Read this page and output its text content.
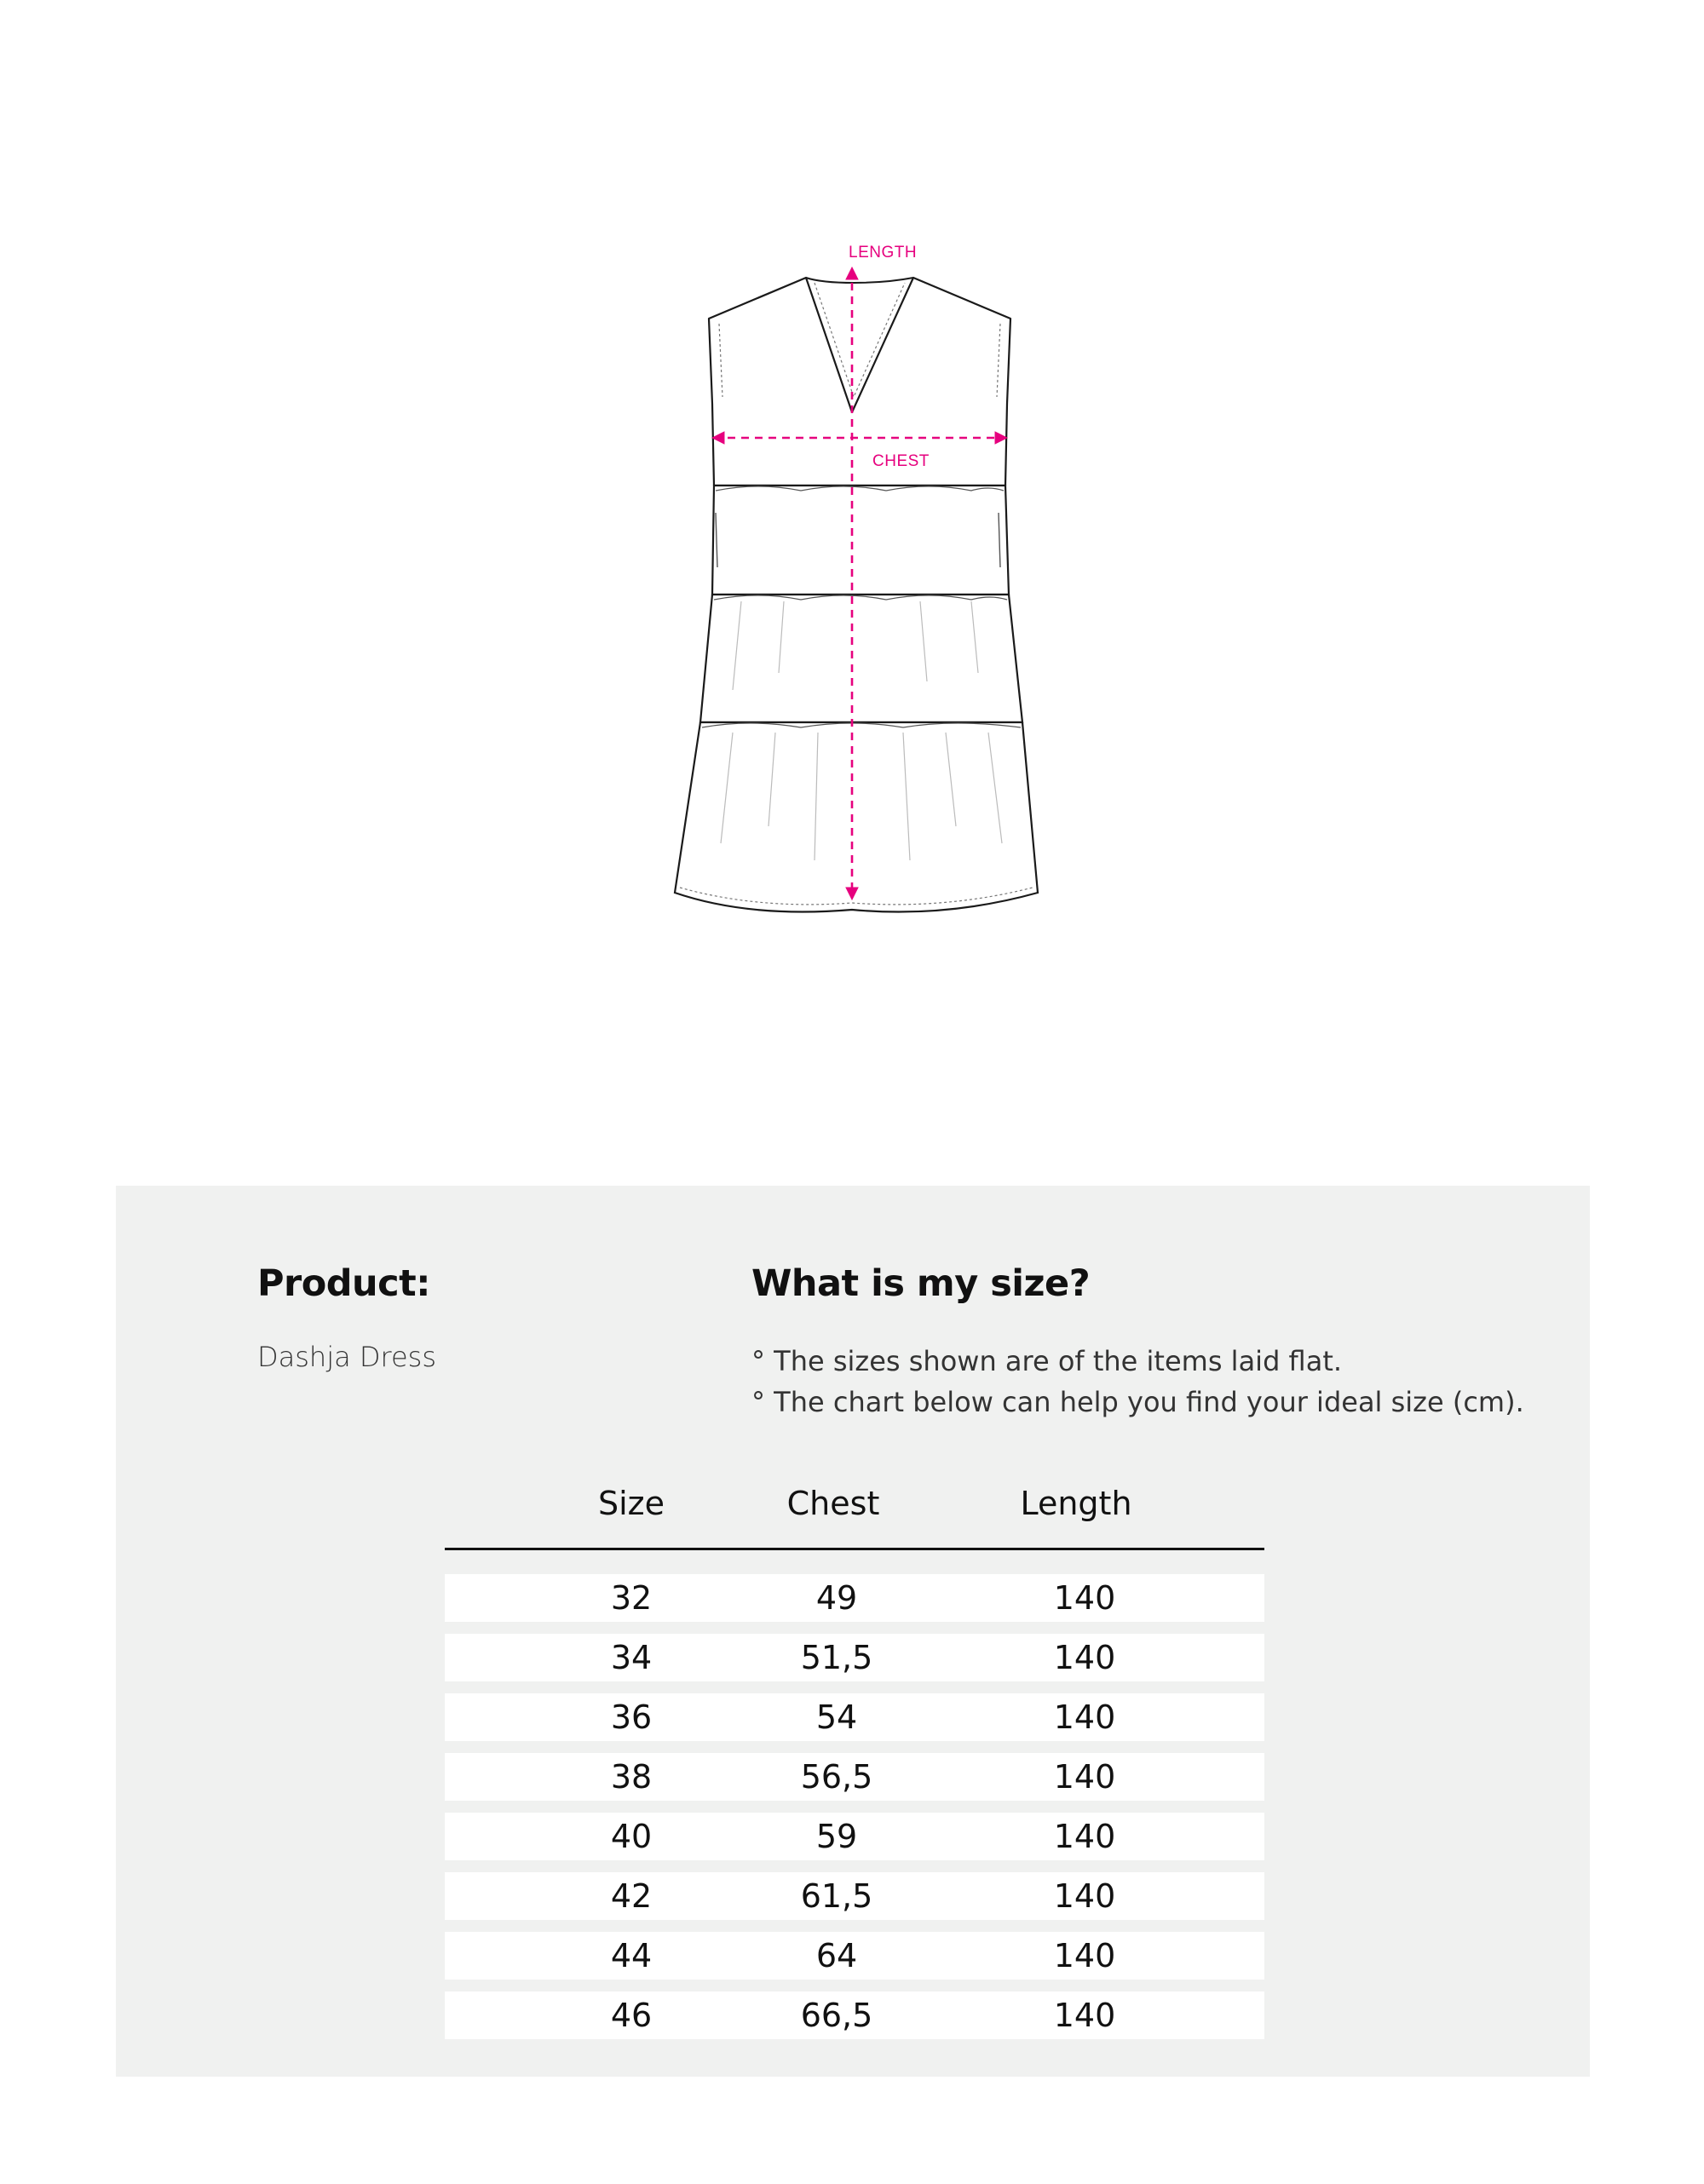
LENGTH
CHEST
Product:
Dashja Dress
What is my size?
° The sizes shown are of the items laid flat.
° The chart below can help you find your ideal size (cm).
Size	Chest	Length
32	49	140
34	51,5	140
36	54	140
38	56,5	140
40	59	140
42	61,5	140
44	64	140
46	66,5	140
